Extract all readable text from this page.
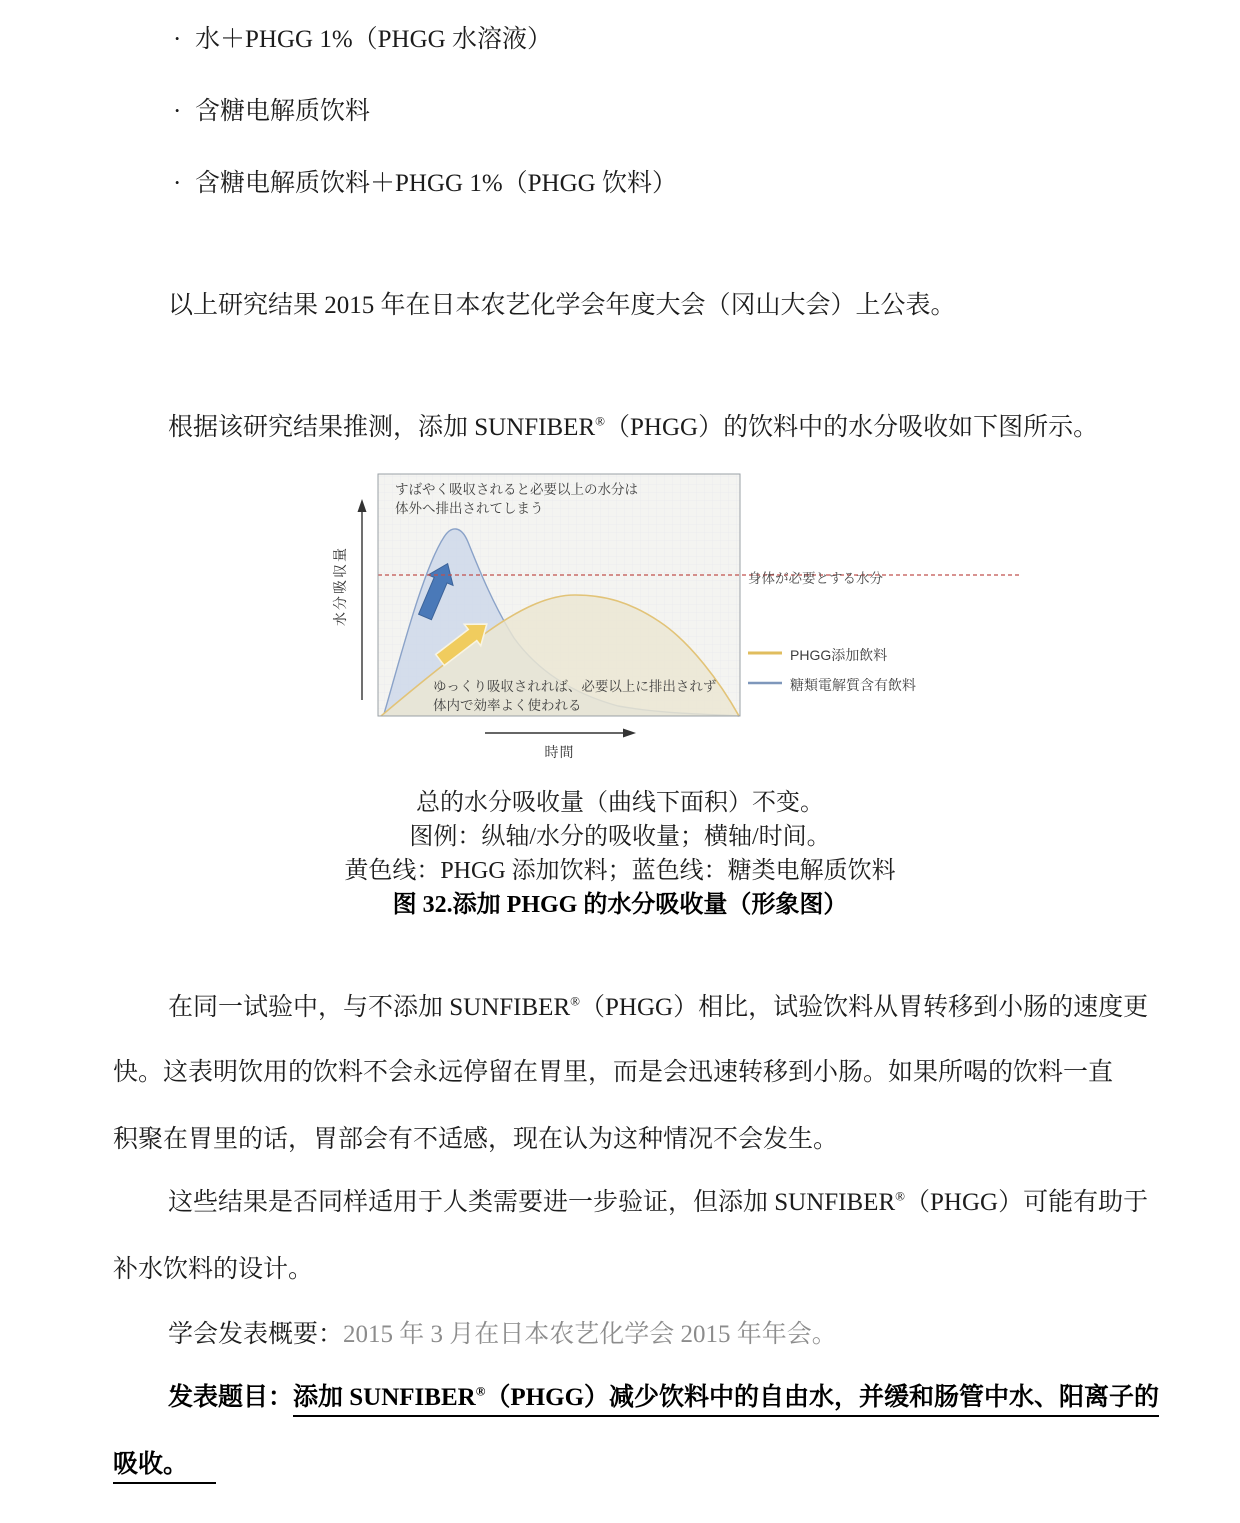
· 水＋PHGG 1%（PHGG 水溶液）
· 含糖电解质饮料
· 含糖电解质饮料＋PHGG 1%（PHGG 饮料）
以上研究结果 2015 年在日本农艺化学会年度大会（冈山大会）上公表。
根据该研究结果推测，添加 SUNFIBER®（PHGG）的饮料中的水分吸收如下图所示。
すばやく吸収されると必要以上の水分は
体外へ排出されてしまう
ゆっくり吸収されれば、必要以上に排出されず
体内で効率よく使われる
身体が必要とする水分
PHGG添加飲料
糖類電解質含有飲料
水分吸収量
時間
总的水分吸收量（曲线下面积）不变。
图例：纵轴/水分的吸收量；横轴/时间。
黄色线：PHGG 添加饮料；蓝色线：糖类电解质饮料
图 32.添加 PHGG 的水分吸收量（形象图）
在同一试验中，与不添加 SUNFIBER®（PHGG）相比，试验饮料从胃转移到小肠的速度更
快。这表明饮用的饮料不会永远停留在胃里，而是会迅速转移到小肠。如果所喝的饮料一直
积聚在胃里的话，胃部会有不适感，现在认为这种情况不会发生。
这些结果是否同样适用于人类需要进一步验证，但添加 SUNFIBER®（PHGG）可能有助于
补水饮料的设计。
学会发表概要：2015 年 3 月在日本农艺化学会 2015 年年会。
发表题目：添加 SUNFIBER®（PHGG）减少饮料中的自由水，并缓和肠管中水、阳离子的
吸收。
